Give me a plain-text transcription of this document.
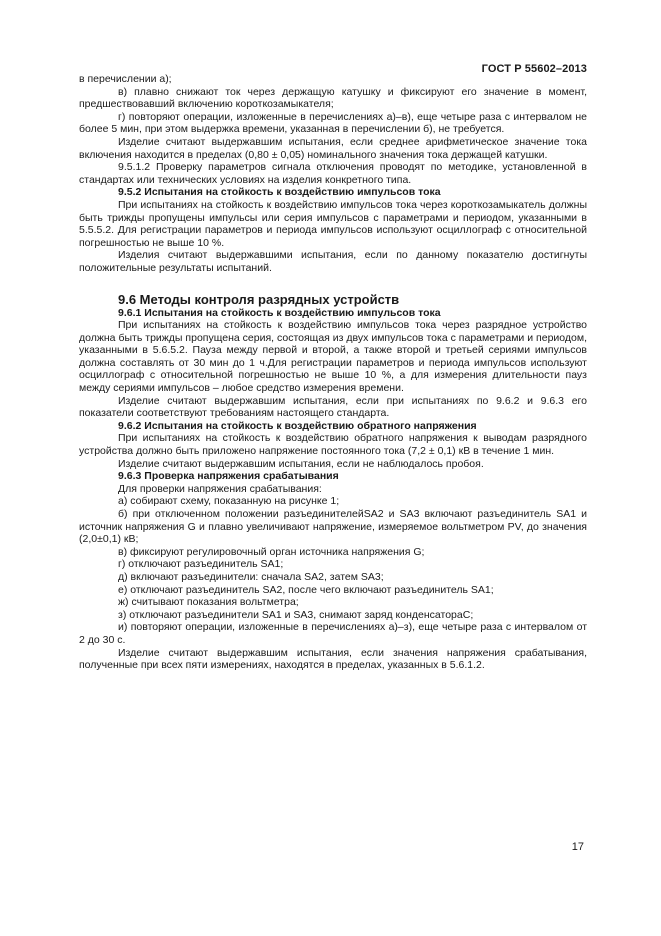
ГОСТ Р 55602–2013

в перечислении а);

в) плавно снижают ток через держащую катушку и фиксируют его значение в момент, предшествовавший включению короткозамыкателя;

г) повторяют операции, изложенные в перечислениях а)–в), еще четыре раза с интервалом не более 5 мин, при этом выдержка времени, указанная в перечислении б), не требуется.

Изделие считают выдержавшим испытания, если среднее арифметическое значение тока включения находится в пределах (0,80 ± 0,05) номинального значения тока держащей катушки.

9.5.1.2 Проверку параметров сигнала отключения проводят по методике, установленной в стандартах или технических условиях на изделия конкретного типа.

9.5.2 Испытания на стойкость к воздействию импульсов тока

При испытаниях на стойкость к воздействию импульсов тока через короткозамыкатель должны быть трижды пропущены импульсы или серия импульсов с параметрами и периодом, указанными в 5.5.5.2. Для регистрации параметров и периода импульсов используют осциллограф с относительной погрешностью не выше 10 %.

Изделия считают выдержавшими испытания, если по данному показателю достигнуты положительные результаты испытаний.

9.6 Методы контроля разрядных устройств

9.6.1 Испытания на стойкость к воздействию импульсов тока

При испытаниях на стойкость к воздействию импульсов тока через разрядное устройство должна быть трижды пропущена серия, состоящая из двух импульсов тока с параметрами и периодом, указанными в 5.6.5.2. Пауза между первой и второй, а также второй и третьей сериями импульсов должна составлять от 30 мин до 1 ч.Для регистрации параметров и периода импульсов используют осциллограф с относительной погрешностью не выше 10 %, а для измерения длительности пауз между сериями импульсов – любое средство измерения времени.

Изделие считают выдержавшим испытания, если при испытаниях по 9.6.2 и 9.6.3 его показатели соответствуют требованиям настоящего стандарта.

9.6.2 Испытания на стойкость к воздействию обратного напряжения

При испытаниях на стойкость к воздействию обратного напряжения к выводам разрядного устройства должно быть приложено напряжение постоянного тока (7,2 ± 0,1) кВ в течение 1 мин.

Изделие считают выдержавшим испытания, если не наблюдалось пробоя.

9.6.3 Проверка напряжения срабатывания

Для проверки напряжения срабатывания:

а) собирают схему, показанную на рисунке 1;

б) при отключенном положении разъединителейSA2 и SA3 включают разъединитель SA1 и источник напряжения G и плавно увеличивают напряжение, измеряемое вольтметром PV, до значения (2,0±0,1) кВ;

в) фиксируют регулировочный орган источника напряжения G;

г) отключают разъединитель SA1;

д) включают разъединители: сначала SA2, затем SA3;

е) отключают разъединитель SA2, после чего включают разъединитель SA1;

ж) считывают показания вольтметра;

з) отключают разъединители SA1 и SA3, снимают заряд конденсатораC;

и) повторяют операции, изложенные в перечислениях а)–з), еще четыре раза с интервалом от 2 до 30 с.

Изделие считают выдержавшим испытания, если значения напряжения срабатывания, полученные при всех пяти измерениях, находятся в пределах, указанных в 5.6.1.2.

17
